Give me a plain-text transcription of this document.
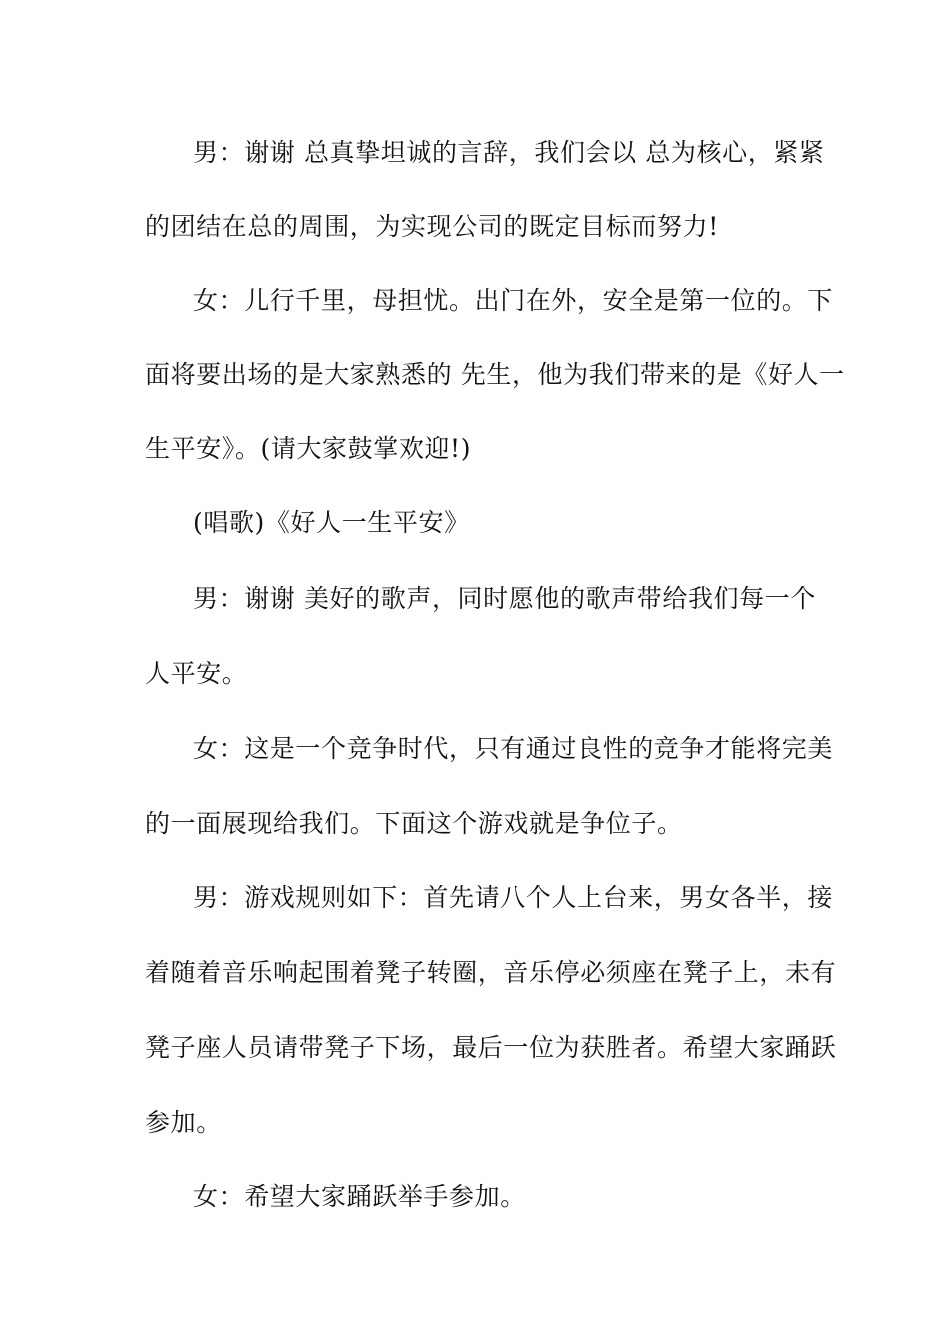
男：谢谢 总真挚坦诚的言辞，我们会以 总为核心，紧紧
的团结在总的周围，为实现公司的既定目标而努力!
女：儿行千里，母担忧。出门在外，安全是第一位的。下
面将要出场的是大家熟悉的 先生，他为我们带来的是《好人一
生平安》。(请大家鼓掌欢迎!)
(唱歌)《好人一生平安》
男：谢谢 美好的歌声，同时愿他的歌声带给我们每一个
人平安。
女：这是一个竞争时代，只有通过良性的竞争才能将完美
的一面展现给我们。下面这个游戏就是争位子。
男：游戏规则如下：首先请八个人上台来，男女各半，接
着随着音乐响起围着凳子转圈，音乐停必须座在凳子上，未有
凳子座人员请带凳子下场，最后一位为获胜者。希望大家踊跃
参加。
女：希望大家踊跃举手参加。
